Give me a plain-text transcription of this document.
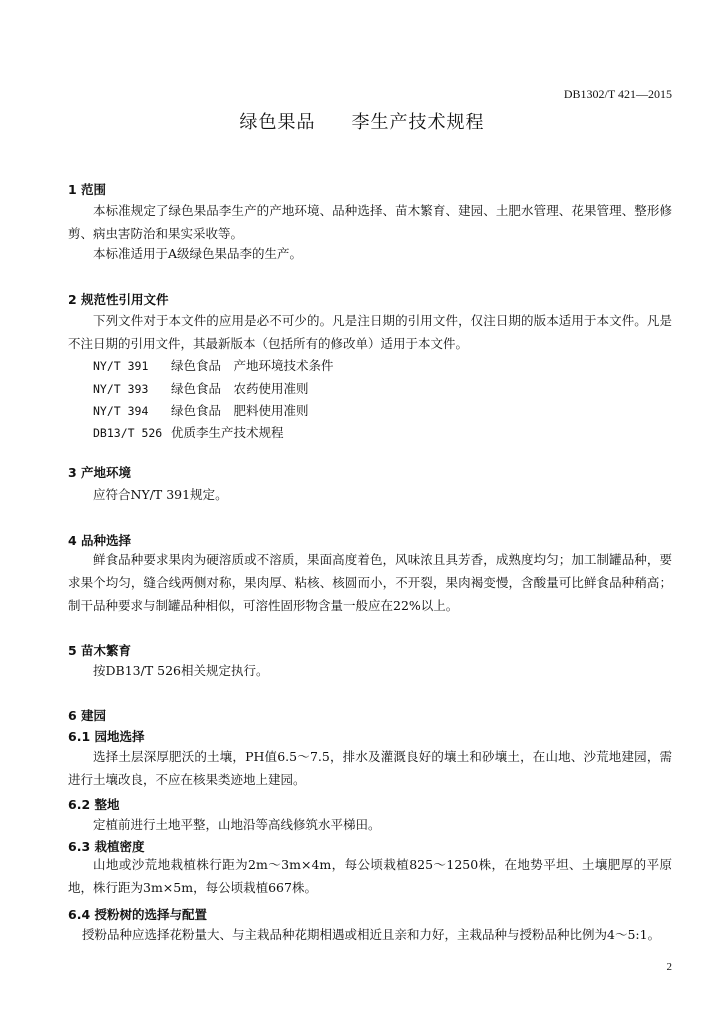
DB1302/T 421—2015
绿色果品 李生产技术规程
1 范围
本标准规定了绿色果品李生产的产地环境、品种选择、苗木繁育、建园、土肥水管理、花果管理、整形修剪、病虫害防治和果实采收等。
本标准适用于A级绿色果品李的生产。
2 规范性引用文件
下列文件对于本文件的应用是必不可少的。凡是注日期的引用文件，仅注日期的版本适用于本文件。凡是不注日期的引用文件，其最新版本（包括所有的修改单）适用于本文件。
NY/T 391 绿色食品　产地环境技术条件
NY/T 393 绿色食品　农药使用准则
NY/T 394 绿色食品　肥料使用准则
DB13/T 526 优质李生产技术规程
3 产地环境
应符合NY/T 391规定。
4 品种选择
鲜食品种要求果肉为硬溶质或不溶质，果面高度着色，风味浓且具芳香，成熟度均匀；加工制罐品种，要求果个均匀，缝合线两侧对称，果肉厚、粘核、核圆而小，不开裂，果肉褐变慢，含酸量可比鲜食品种稍高；制干品种要求与制罐品种相似，可溶性固形物含量一般应在22%以上。
5 苗木繁育
按DB13/T 526相关规定执行。
6 建园
6.1 园地选择
选择土层深厚肥沃的土壤，PH值6.5～7.5，排水及灌溉良好的壤土和砂壤土，在山地、沙荒地建园，需进行土壤改良，不应在核果类迹地上建园。
6.2 整地
定植前进行土地平整，山地沿等高线修筑水平梯田。
6.3 栽植密度
山地或沙荒地栽植株行距为2m～3m×4m，每公顷栽植825～1250株，在地势平坦、土壤肥厚的平原地，株行距为3m×5m，每公顷栽植667株。
6.4 授粉树的选择与配置
授粉品种应选择花粉量大、与主栽品种花期相遇或相近且亲和力好，主栽品种与授粉品种比例为4～5:1。
2
